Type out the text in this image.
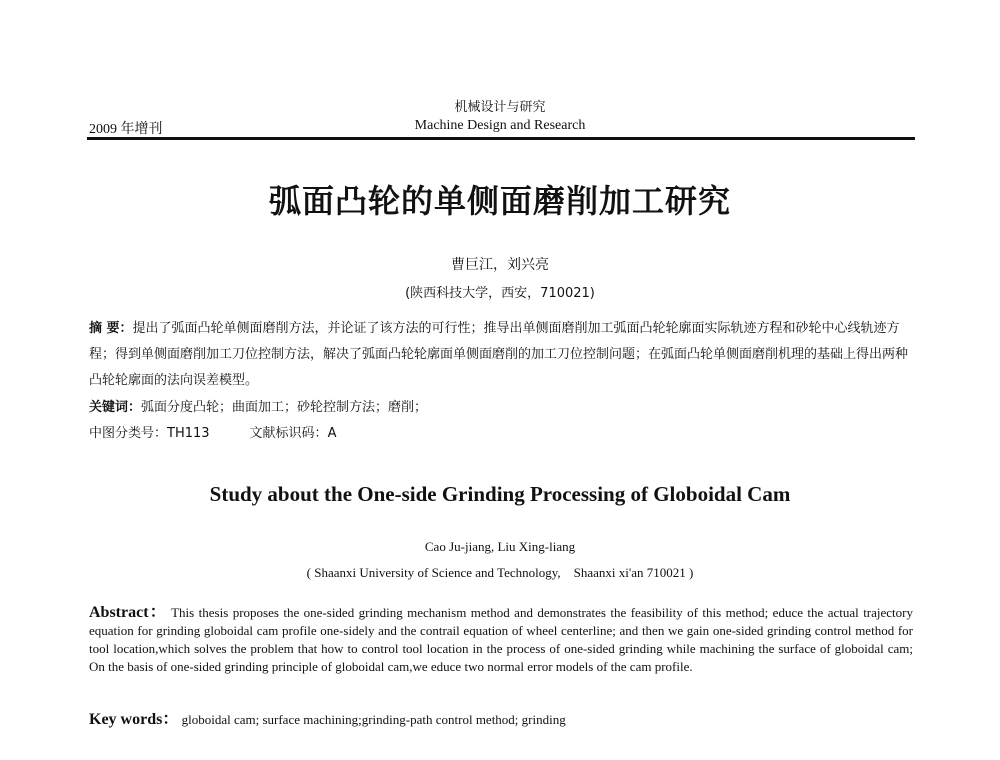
机械设计与研究
2009 年增刊	Machine Design and Research
弧面凸轮的单侧面磨削加工研究
曹巨江，刘兴亮
(陕西科技大学，西安，710021)
摘 要：提出了弧面凸轮单侧面磨削方法，并论证了该方法的可行性；推导出单侧面磨削加工弧面凸轮轮廓面实际轨迹方程和砂轮中心线轨迹方程；得到单侧面磨削加工刀位控制方法，解决了弧面凸轮轮廓面单侧面磨削的加工刀位控制问题；在弧面凸轮单侧面磨削机理的基础上得出两种凸轮轮廓面的法向误差模型。
关键词：弧面分度凸轮；曲面加工；砂轮控制方法；磨削；
中图分类号：TH113	文献标识码：A
Study about the One-side Grinding Processing of Globoidal Cam
Cao Ju-jiang, Liu Xing-liang
( Shaanxi University of Science and Technology,    Shaanxi xi'an 710021 )
Abstract： This thesis proposes the one-sided grinding mechanism method and demonstrates the feasibility of this method; educe the actual trajectory equation for grinding globoidal cam profile one-sidely and the contrail equation of wheel centerline; and then we gain one-sided grinding control method for tool location,which solves the problem that how to control tool location in the process of one-sided grinding while machining the surface of globoidal cam; On the basis of one-sided grinding principle of globoidal cam,we educe two normal error models of the cam profile.
Key words： globoidal cam; surface machining;grinding-path control method; grinding
